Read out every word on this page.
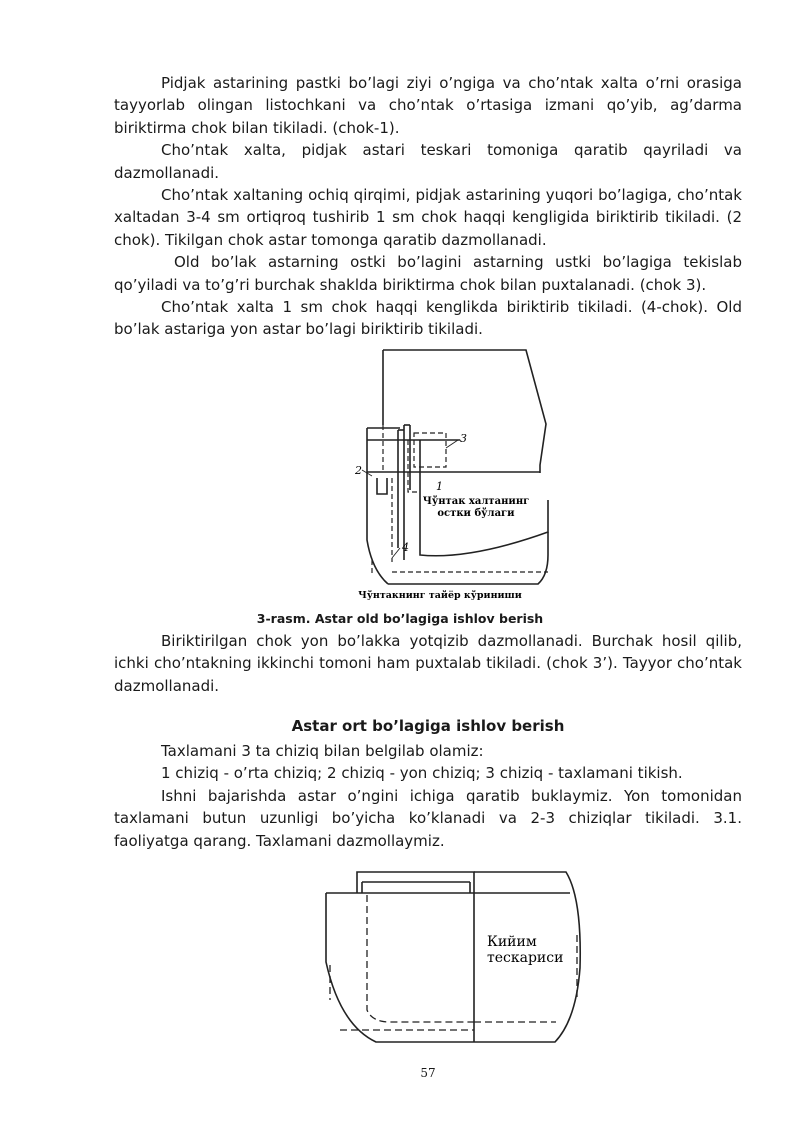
Pidjak astarining pastki bo’lagi ziyi o’ngiga va cho’ntak xalta o’rni orasiga tayyorlab olingan listochkani va cho’ntak o’rtasiga izmani qo’yib, ag’darma biriktirma chok bilan tikiladi. (chok-1).

Cho’ntak xalta, pidjak astari teskari tomoniga qaratib qayriladi va dazmollanadi.

Cho’ntak xaltaning ochiq qirqimi, pidjak astarining yuqori bo’lagiga, cho’ntak xaltadan 3-4 sm ortiqroq tushirib 1 sm chok haqqi kengligida biriktirib tikiladi. (2 chok). Tikilgan chok astar tomonga qaratib dazmollanadi.

Old bo’lak astarning ostki bo’lagini astarning ustki bo’lagiga tekislab qo’yiladi va to’g’ri burchak shaklda biriktirma chok bilan puxtalanadi. (chok 3).

Cho’ntak xalta 1 sm chok haqqi kenglikda biriktirib tikiladi. (4-chok). Old bo’lak astariga yon astar bo’lagi biriktirib tikiladi.

3
2
1
4
Чўнтак халтанинг
остки бўлаги
Чўнтакнинг тайёр кўриниши
3-rasm. Astar old bo’lagiga ishlov berish

Biriktirilgan chok yon bo’lakka yotqizib dazmollanadi. Burchak hosil qilib, ichki cho’ntakning ikkinchi tomoni ham puxtalab tikiladi. (chok 3’). Tayyor cho’ntak dazmollanadi.

Astar ort bo’lagiga ishlov berish

Taxlamani 3 ta chiziq bilan belgilab olamiz:

1 chiziq - o’rta chiziq; 2 chiziq - yon chiziq; 3 chiziq - taxlamani tikish.

Ishni bajarishda astar o’ngini ichiga qaratib buklaymiz. Yon tomonidan taxlamani butun uzunligi bo’yicha ko’klanadi va 2-3 chiziqlar tikiladi. 3.1. faoliyatga qarang. Taxlamani dazmollaymiz.

Кийим
тескариси
57
